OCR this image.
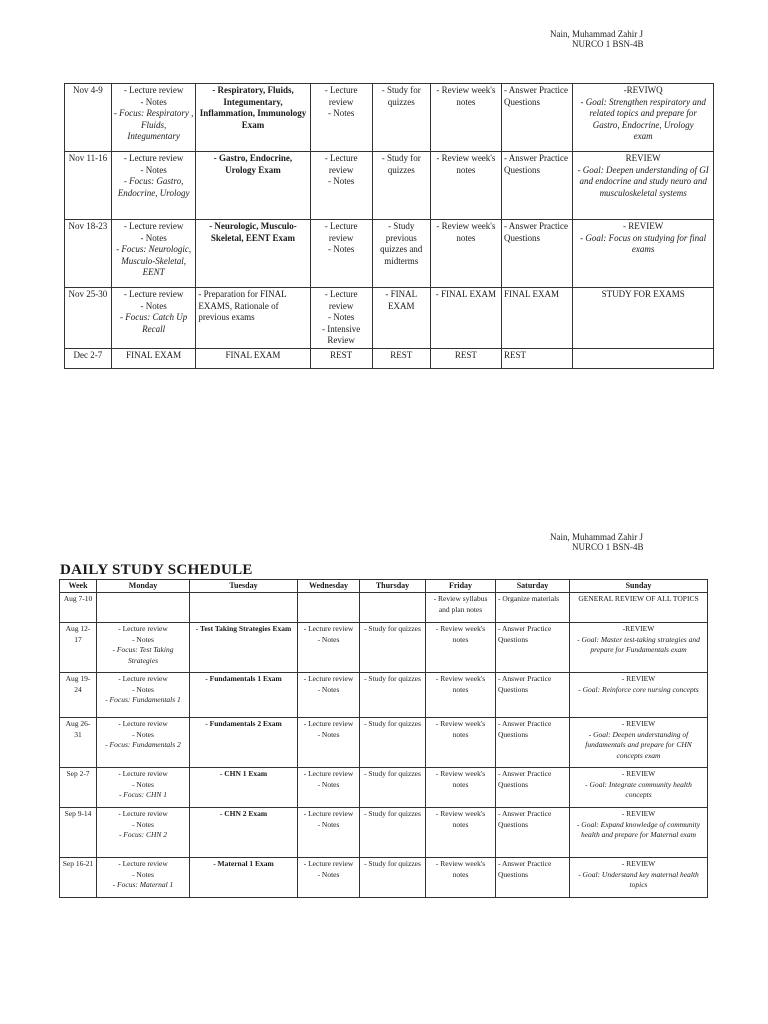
Nain, Muhammad Zahir J
NURCO 1 BSN-4B
Nov 4-9	- Lecture review
- Notes
- Focus: Respiratory , Fluids, Integumentary	- Respiratory, Fluids, Integumentary, Inflammation, Immunology Exam	- Lecture review
- Notes	- Study for quizzes	- Review week's notes	- Answer Practice Questions	-REVIWQ
- Goal: Strengthen respiratory and related topics and prepare for Gastro, Endocrine, Urology
exam

Nov 11-16	- Lecture review
- Notes
- Focus: Gastro, Endocrine, Urology	- Gastro, Endocrine, Urology Exam	- Lecture review
- Notes	- Study for quizzes	- Review week's notes	- Answer Practice Questions	REVIEW
- Goal: Deepen understanding of GI and endocrine and study neuro and musculoskeletal systems

Nov 18-23	- Lecture review
- Notes
- Focus: Neurologic, Musculo-Skeletal, EENT	- Neurologic, Musculo-Skeletal, EENT Exam	- Lecture review
- Notes	- Study previous quizzes and midterms	- Review week's notes	- Answer Practice Questions	- REVIEW
- Goal: Focus on studying for final exams

Nov 25-30	- Lecture review
- Notes
- Focus: Catch Up Recall	- Preparation for FINAL EXAMS, Rationale of previous exams	- Lecture review
- Notes
- Intensive Review	- FINAL EXAM	- FINAL EXAM	FINAL EXAM	STUDY FOR EXAMS

Dec 2-7	FINAL EXAM	FINAL EXAM	REST	REST	REST	REST	

Nain, Muhammad Zahir J
NURCO 1 BSN-4B
DAILY STUDY SCHEDULE
Week	Monday	Tuesday	Wednesday	Thursday	Friday	Saturday	Sunday

Aug 7-10					- Review syllabus and plan notes	- Organize materials	GENERAL REVIEW OF ALL TOPICS

Aug 12-17	- Lecture review
- Notes
- Focus: Test Taking Strategies	- Test Taking Strategies Exam	- Lecture review
- Notes	- Study for quizzes	- Review week's notes	- Answer Practice Questions	-REVIEW
- Goal: Master test-taking strategies and prepare for Fundamentals exam

Aug 19-24	- Lecture review
- Notes
- Focus: Fundamentals 1	- Fundamentals 1 Exam	- Lecture review
- Notes	- Study for quizzes	- Review week's notes	- Answer Practice Questions	- REVIEW
- Goal: Reinforce core nursing concepts

Aug 26-31	- Lecture review
- Notes
- Focus: Fundamentals 2	- Fundamentals 2 Exam	- Lecture review
- Notes	- Study for quizzes	- Review week's notes	- Answer Practice Questions	- REVIEW
- Goal: Deepen understanding of fundamentals and prepare for CHN concepts exam

Sep 2-7	- Lecture review
- Notes
- Focus: CHN 1	- CHN 1 Exam	- Lecture review
- Notes	- Study for quizzes	- Review week's notes	- Answer Practice Questions	- REVIEW
- Goal: Integrate community health concepts

Sep 9-14	- Lecture review
- Notes
- Focus: CHN 2	- CHN 2 Exam	- Lecture review
- Notes	- Study for quizzes	- Review week's notes	- Answer Practice Questions	- REVIEW
- Goal: Expand knowledge of community health and prepare for Maternal exam

Sep 16-21	- Lecture review
- Notes
- Focus: Maternal 1	- Maternal 1 Exam	- Lecture review
- Notes	- Study for quizzes	- Review week's notes	- Answer Practice Questions	- REVIEW
- Goal: Understand key maternal health topics
